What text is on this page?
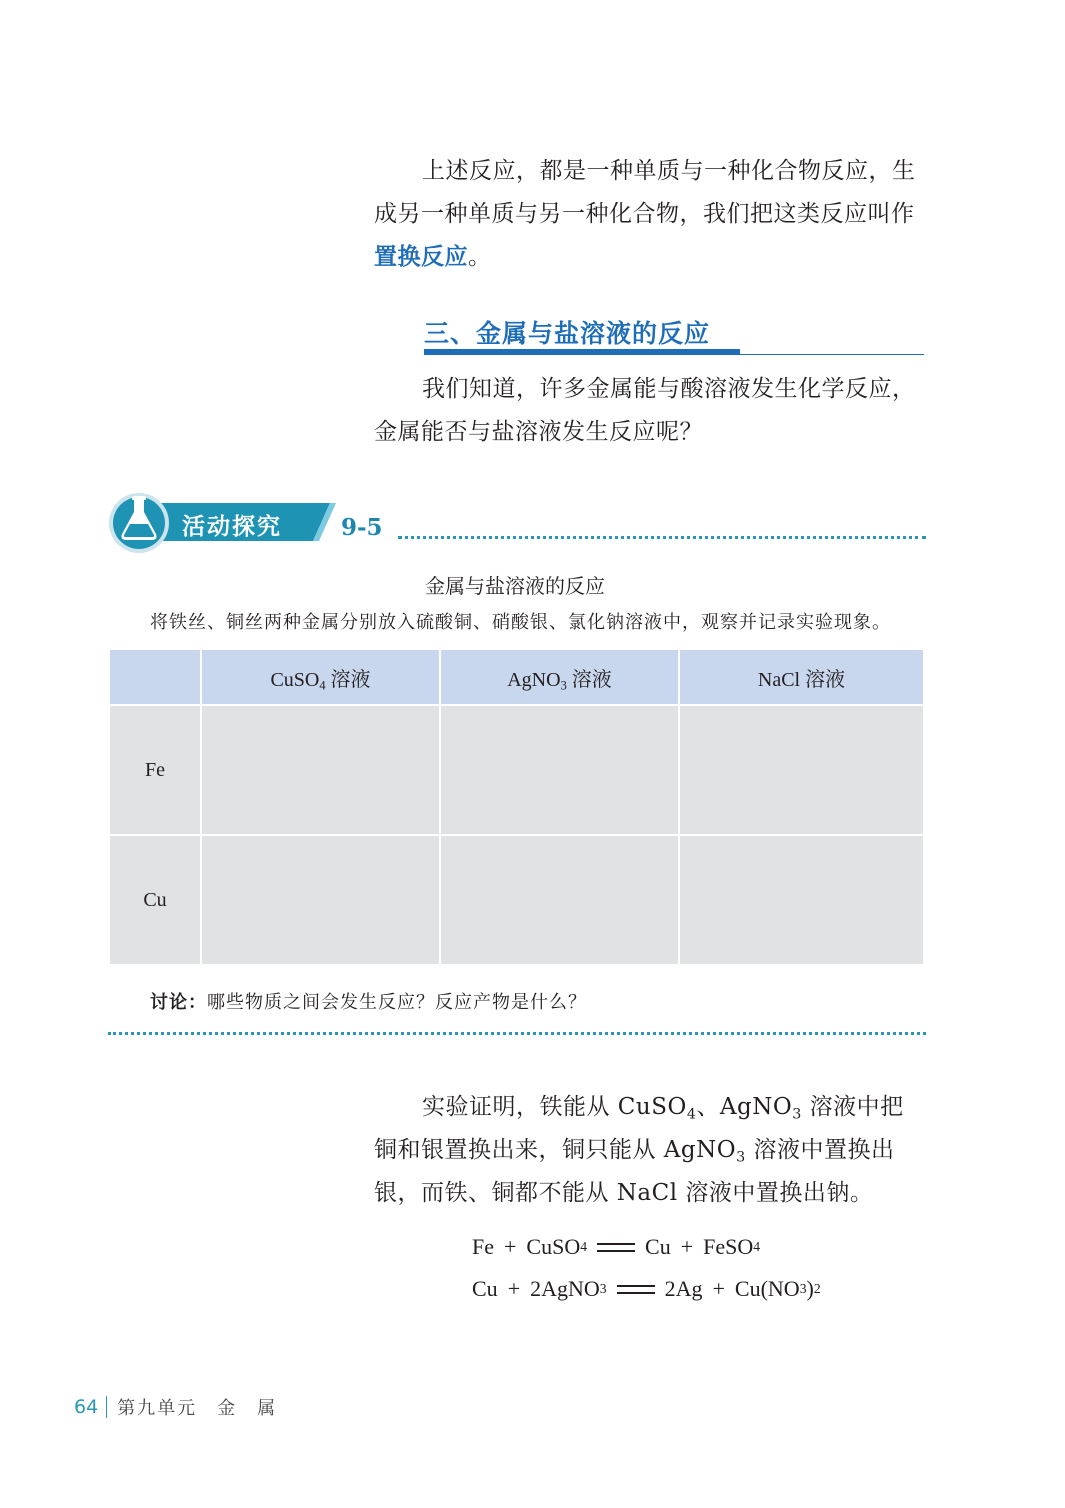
上述反应，都是一种单质与一种化合物反应，生成另一种单质与另一种化合物，我们把这类反应叫作置换反应。

三、金属与盐溶液的反应

我们知道，许多金属能与酸溶液发生化学反应，金属能否与盐溶液发生反应呢？

活动探究	9-5
金属与盐溶液的反应
将铁丝、铜丝两种金属分别放入硫酸铜、硝酸银、氯化钠溶液中，观察并记录实验现象。
	CuSO$_4$ 溶液	AgNO$_3$ 溶液	NaCl 溶液
Fe			
Cu			
讨论：哪些物质之间会发生反应？反应产物是什么？

实验证明，铁能从 CuSO$_4$、AgNO$_3$ 溶液中把铜和银置换出来，铜只能从 AgNO$_3$ 溶液中置换出银，而铁、铜都不能从 NaCl 溶液中置换出钠。

Fe + CuSO 4	Cu + FeSO 4
Cu + 2AgNO 3	2Ag + Cu(NO 3 ) 2
64 第九单元　金　属
